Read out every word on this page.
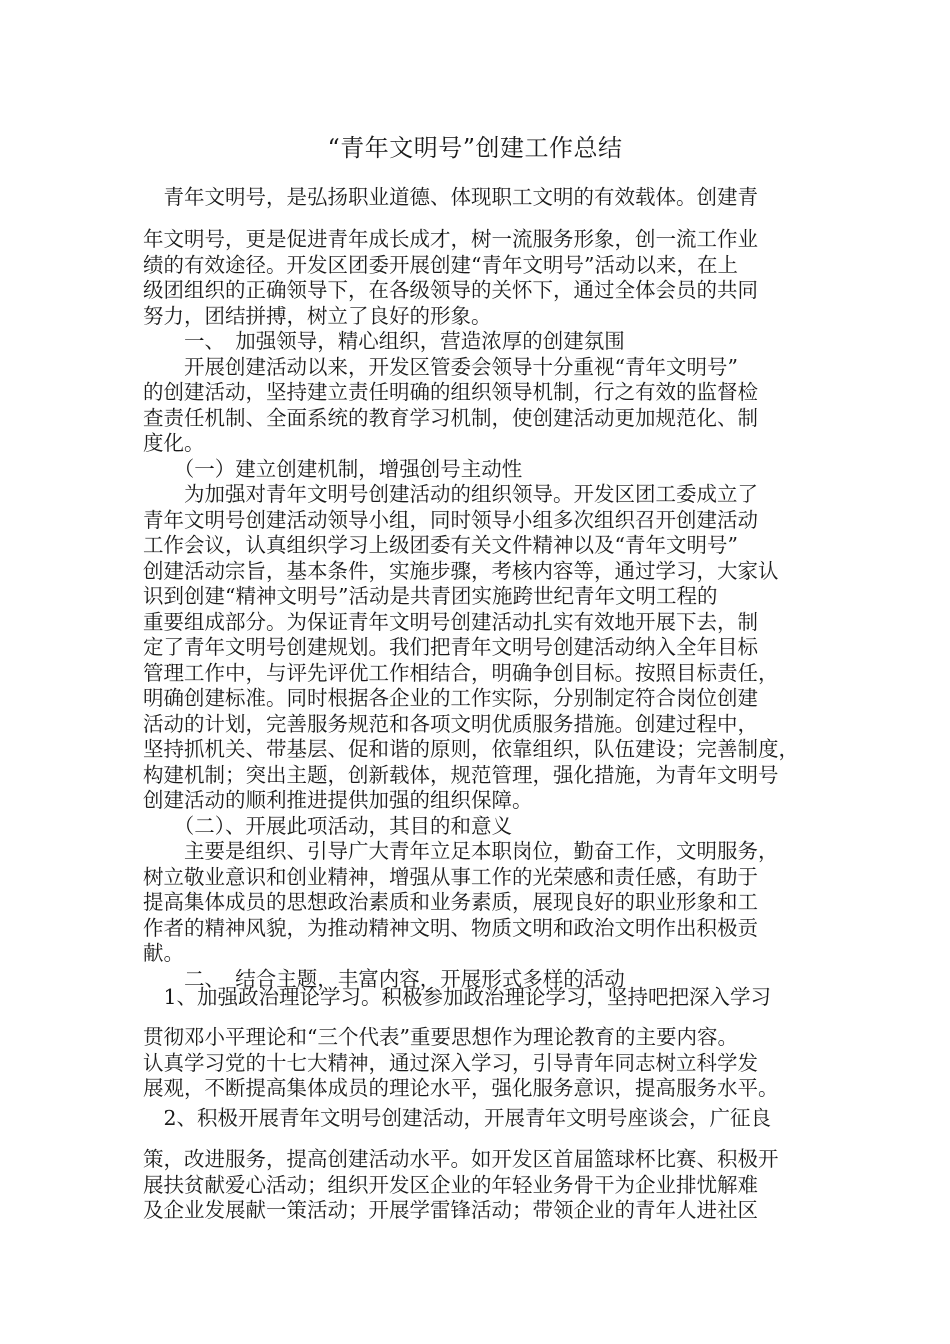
“青年文明号”创建工作总结
　青年文明号，是弘扬职业道德、体现职工文明的有效载体。创建青
年文明号，更是促进青年成长成才，树一流服务形象，创一流工作业
绩的有效途径。开发区团委开展创建“青年文明号”活动以来，在上
级团组织的正确领导下，在各级领导的关怀下，通过全体会员的共同
努力，团结拼搏，树立了良好的形象。
　　一、　加强领导，精心组织，营造浓厚的创建氛围
　　开展创建活动以来，开发区管委会领导十分重视“青年文明号”
的创建活动，坚持建立责任明确的组织领导机制，行之有效的监督检
查责任机制、全面系统的教育学习机制，使创建活动更加规范化、制
度化。
　　（一）建立创建机制，增强创号主动性
　　为加强对青年文明号创建活动的组织领导。开发区团工委成立了
青年文明号创建活动领导小组，同时领导小组多次组织召开创建活动
工作会议，认真组织学习上级团委有关文件精神以及“青年文明号”
创建活动宗旨，基本条件，实施步骤，考核内容等，通过学习，大家认
识到创建“精神文明号”活动是共青团实施跨世纪青年文明工程的
重要组成部分。为保证青年文明号创建活动扎实有效地开展下去，制
定了青年文明号创建规划。我们把青年文明号创建活动纳入全年目标
管理工作中，与评先评优工作相结合，明确争创目标。按照目标责任，
明确创建标准。同时根据各企业的工作实际，分别制定符合岗位创建
活动的计划，完善服务规范和各项文明优质服务措施。创建过程中，
坚持抓机关、带基层、促和谐的原则，依靠组织，队伍建设；完善制度，
构建机制；突出主题，创新载体，规范管理，强化措施，为青年文明号
创建活动的顺利推进提供加强的组织保障。
　　（二）、开展此项活动，其目的和意义
　　主要是组织、引导广大青年立足本职岗位，勤奋工作，文明服务，
树立敬业意识和创业精神，增强从事工作的光荣感和责任感，有助于
提高集体成员的思想政治素质和业务素质，展现良好的职业形象和工
作者的精神风貌，为推动精神文明、物质文明和政治文明作出积极贡
献。
　　二、　结合主题，丰富内容，开展形式多样的活动
　1、加强政治理论学习。积极参加政治理论学习，坚持吧把深入学习
贯彻邓小平理论和“三个代表”重要思想作为理论教育的主要内容。
认真学习党的十七大精神，通过深入学习，引导青年同志树立科学发
展观，不断提高集体成员的理论水平，强化服务意识，提高服务水平。
　2、积极开展青年文明号创建活动，开展青年文明号座谈会，广征良
策，改进服务，提高创建活动水平。如开发区首届篮球杯比赛、积极开
展扶贫献爱心活动；组织开发区企业的年轻业务骨干为企业排忧解难
及企业发展献一策活动；开展学雷锋活动；带领企业的青年人进社区
